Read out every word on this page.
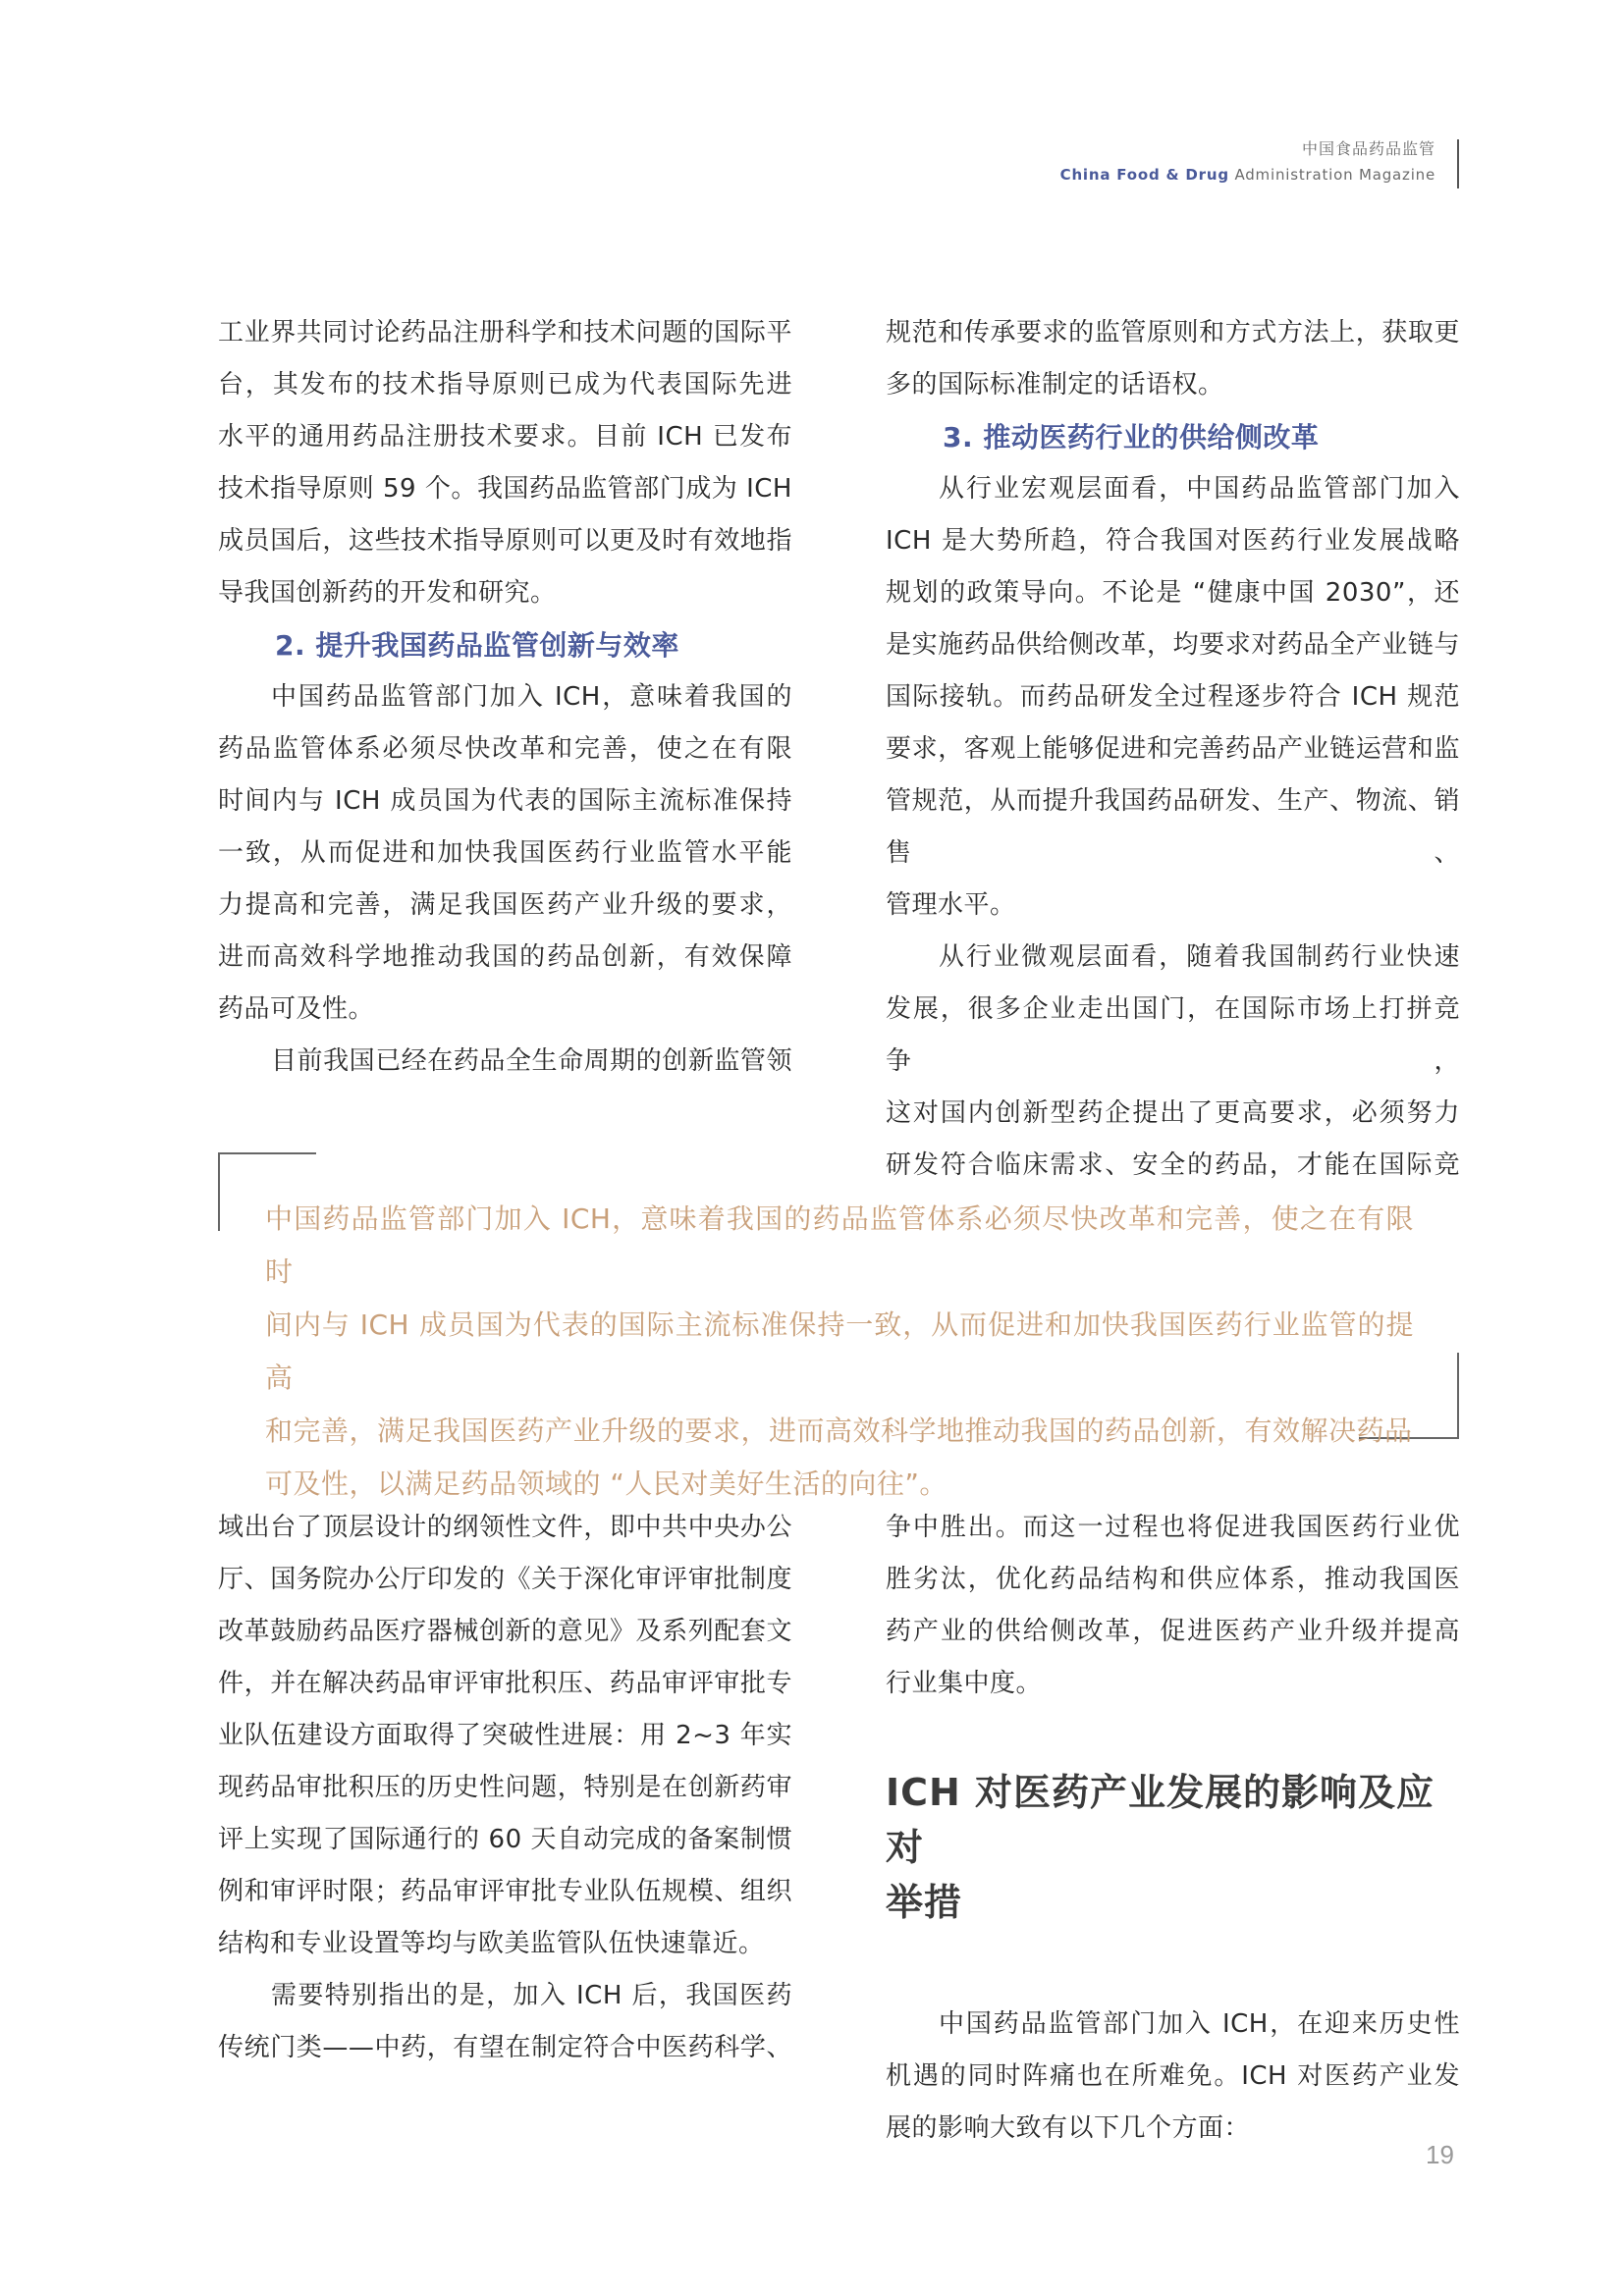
中国食品药品监管
China Food & Drug Administration Magazine

工业界共同讨论药品注册科学和技术问题的国际平

台，其发布的技术指导原则已成为代表国际先进

水平的通用药品注册技术要求。目前 ICH 已发布

技术指导原则 59 个。我国药品监管部门成为 ICH

成员国后，这些技术指导原则可以更及时有效地指

导我国创新药的开发和研究。

2. 提升我国药品监管创新与效率

中国药品监管部门加入 ICH，意味着我国的

药品监管体系必须尽快改革和完善，使之在有限

时间内与 ICH 成员国为代表的国际主流标准保持

一致，从而促进和加快我国医药行业监管水平能

力提高和完善，满足我国医药产业升级的要求，

进而高效科学地推动我国的药品创新，有效保障

药品可及性。

目前我国已经在药品全生命周期的创新监管领

规范和传承要求的监管原则和方式方法上，获取更

多的国际标准制定的话语权。

3. 推动医药行业的供给侧改革

从行业宏观层面看，中国药品监管部门加入

ICH 是大势所趋，符合我国对医药行业发展战略

规划的政策导向。不论是 “健康中国 2030”，还

是实施药品供给侧改革，均要求对药品全产业链与

国际接轨。而药品研发全过程逐步符合 ICH 规范

要求，客观上能够促进和完善药品产业链运营和监

管规范，从而提升我国药品研发、生产、物流、销售、

管理水平。

从行业微观层面看，随着我国制药行业快速

发展，很多企业走出国门，在国际市场上打拼竞争，

这对国内创新型药企提出了更高要求，必须努力

研发符合临床需求、安全的药品，才能在国际竞

中国药品监管部门加入 ICH，意味着我国的药品监管体系必须尽快改革和完善，使之在有限时

间内与 ICH 成员国为代表的国际主流标准保持一致，从而促进和加快我国医药行业监管的提高

和完善，满足我国医药产业升级的要求，进而高效科学地推动我国的药品创新，有效解决药品

可及性，以满足药品领域的 “人民对美好生活的向往”。

域出台了顶层设计的纲领性文件，即中共中央办公

厅、国务院办公厅印发的《关于深化审评审批制度

改革鼓励药品医疗器械创新的意见》及系列配套文

件，并在解决药品审评审批积压、药品审评审批专

业队伍建设方面取得了突破性进展：用 2~3 年实

现药品审批积压的历史性问题，特别是在创新药审

评上实现了国际通行的 60 天自动完成的备案制惯

例和审评时限；药品审评审批专业队伍规模、组织

结构和专业设置等均与欧美监管队伍快速靠近。

需要特别指出的是，加入 ICH 后，我国医药

传统门类——中药，有望在制定符合中医药科学、

争中胜出。而这一过程也将促进我国医药行业优

胜劣汰，优化药品结构和供应体系，推动我国医

药产业的供给侧改革，促进医药产业升级并提高

行业集中度。

ICH 对医药产业发展的影响及应对
举措

中国药品监管部门加入 ICH，在迎来历史性

机遇的同时阵痛也在所难免。ICH 对医药产业发

展的影响大致有以下几个方面：

19
